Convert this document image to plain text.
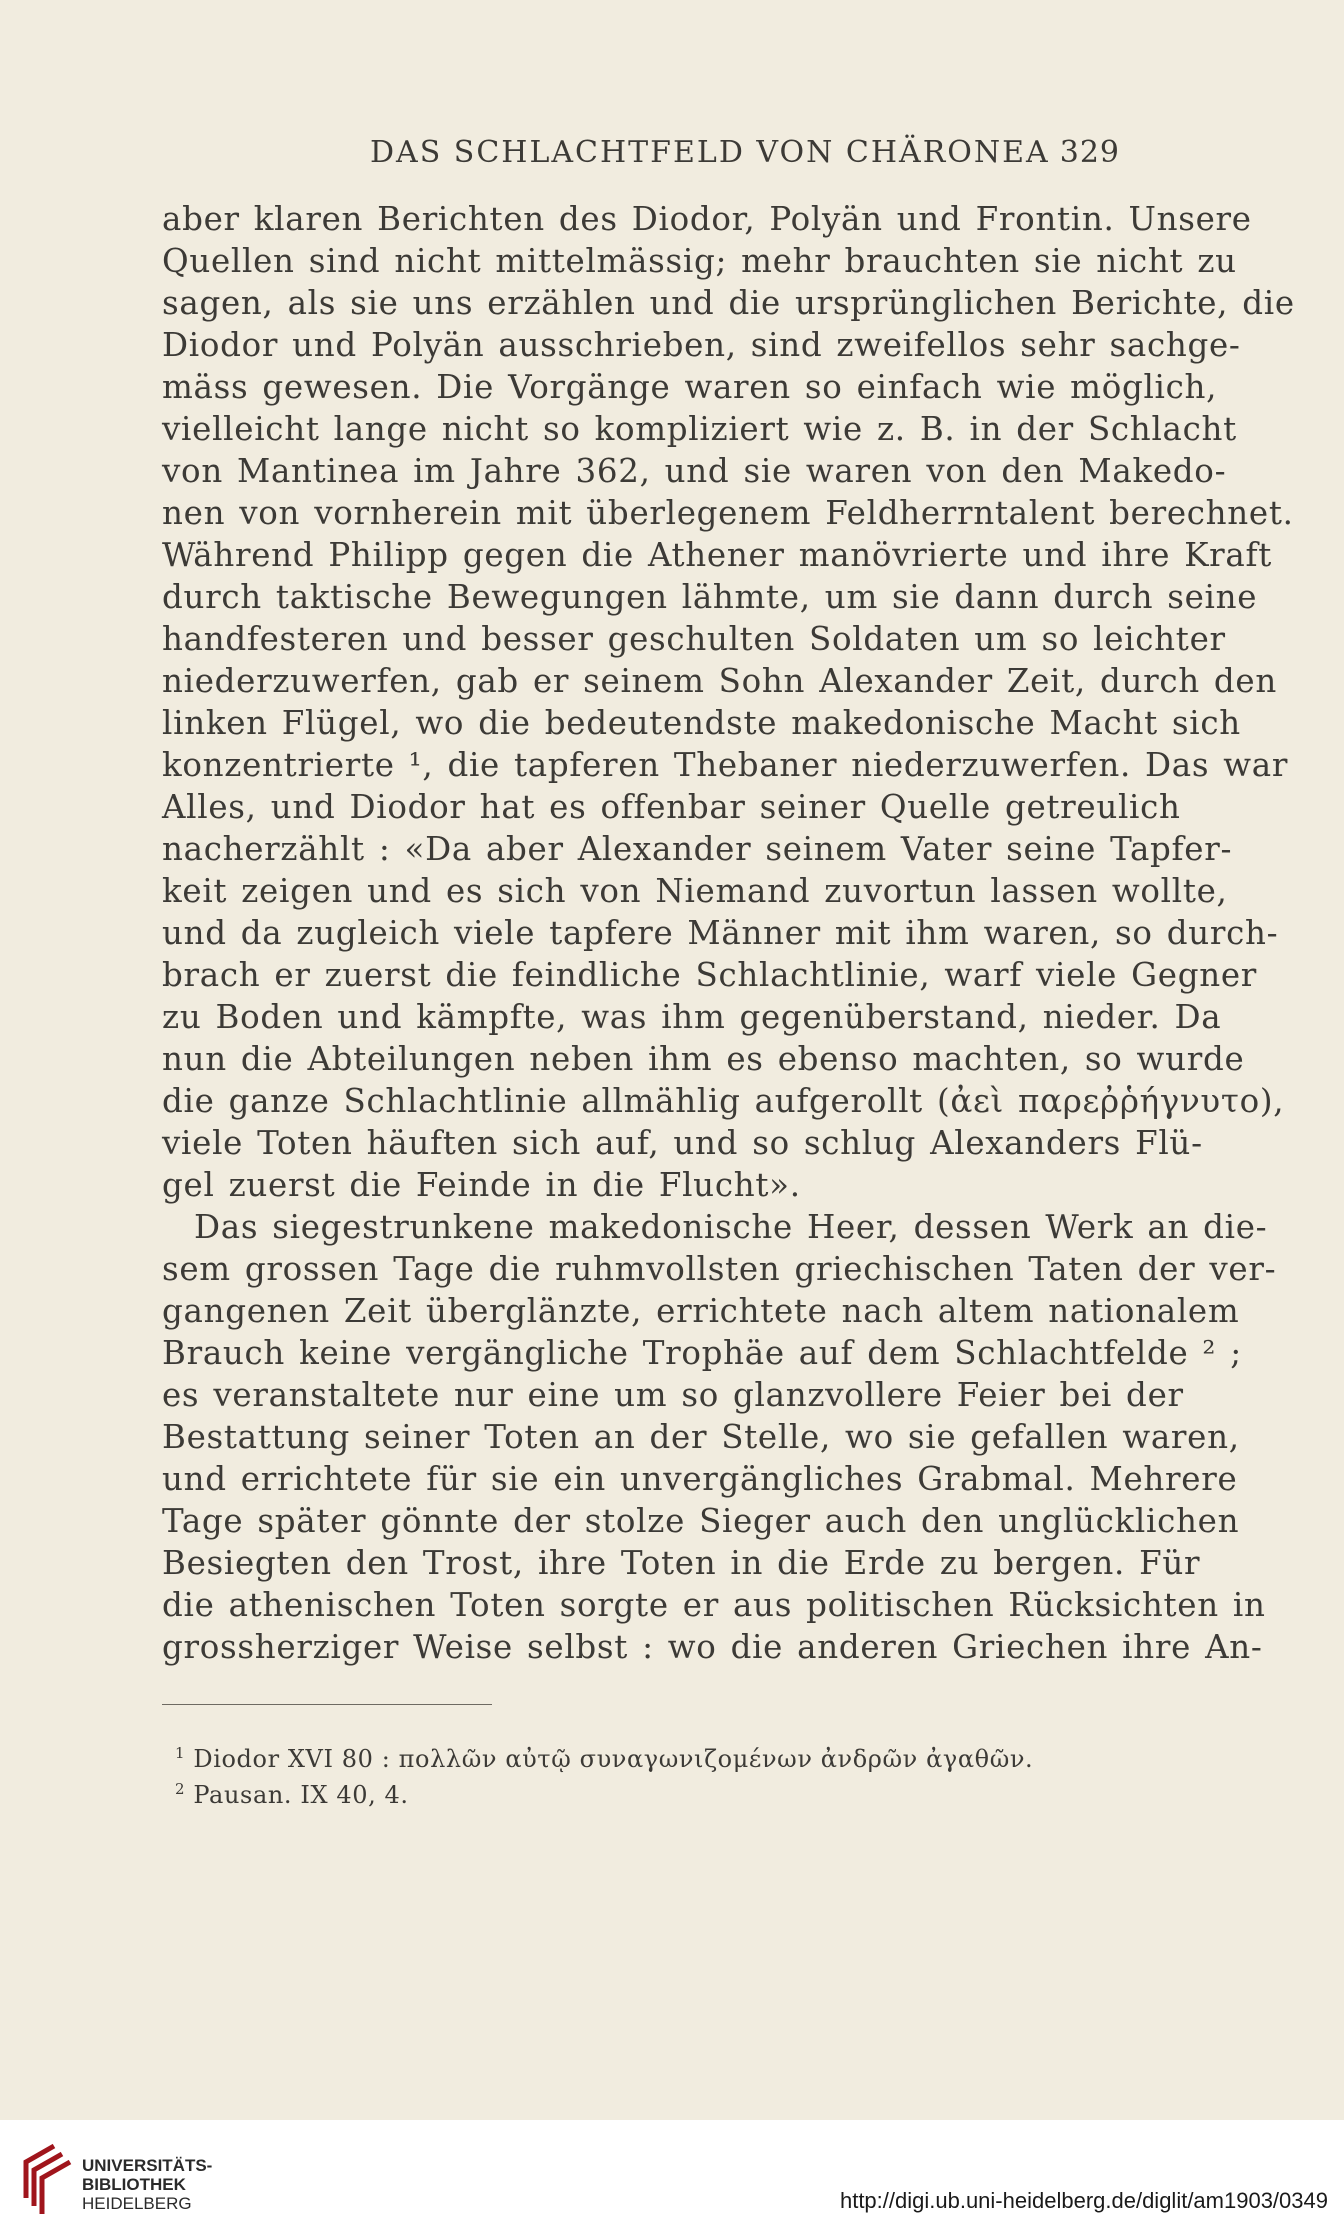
DAS SCHLACHTFELD VON CHÄRONEA 329
aber klaren Berichten des Diodor, Polyän und Frontin. Unsere
Quellen sind nicht mittelmässig; mehr brauchten sie nicht zu
sagen, als sie uns erzählen und die ursprünglichen Berichte, die
Diodor und Polyän ausschrieben, sind zweifellos sehr sachge-
mäss gewesen. Die Vorgänge waren so einfach wie möglich,
vielleicht lange nicht so kompliziert wie z. B. in der Schlacht
von Mantinea im Jahre 362, und sie waren von den Makedo-
nen von vornherein mit überlegenem Feldherrntalent berechnet.
Während Philipp gegen die Athener manövrierte und ihre Kraft
durch taktische Bewegungen lähmte, um sie dann durch seine
handfesteren und besser geschulten Soldaten um so leichter
niederzuwerfen, gab er seinem Sohn Alexander Zeit, durch den
linken Flügel, wo die bedeutendste makedonische Macht sich
konzentrierte ¹, die tapferen Thebaner niederzuwerfen. Das war
Alles, und Diodor hat es offenbar seiner Quelle getreulich
nacherzählt : «Da aber Alexander seinem Vater seine Tapfer-
keit zeigen und es sich von Niemand zuvortun lassen wollte,
und da zugleich viele tapfere Männer mit ihm waren, so durch-
brach er zuerst die feindliche Schlachtlinie, warf viele Gegner
zu Boden und kämpfte, was ihm gegenüberstand, nieder. Da
nun die Abteilungen neben ihm es ebenso machten, so wurde
die ganze Schlachtlinie allmählig aufgerollt (ἀεὶ παρεῤῥήγνυτο),
viele Toten häuften sich auf, und so schlug Alexanders Flü-
gel zuerst die Feinde in die Flucht».
Das siegestrunkene makedonische Heer, dessen Werk an die-
sem grossen Tage die ruhmvollsten griechischen Taten der ver-
gangenen Zeit überglänzte, errichtete nach altem nationalem
Brauch keine vergängliche Trophäe auf dem Schlachtfelde ² ;
es veranstaltete nur eine um so glanzvollere Feier bei der
Bestattung seiner Toten an der Stelle, wo sie gefallen waren,
und errichtete für sie ein unvergängliches Grabmal. Mehrere
Tage später gönnte der stolze Sieger auch den unglücklichen
Besiegten den Trost, ihre Toten in die Erde zu bergen. Für
die athenischen Toten sorgte er aus politischen Rücksichten in
grossherziger Weise selbst : wo die anderen Griechen ihre An-
$^1$ Diodor XVI 80 : πολλῶν αὐτῷ συναγωνιζομένων ἀνδρῶν ἀγαθῶν.
$^2$ Pausan. IX 40, 4.
UNIVERSITÄTS-
BIBLIOTHEK
HEIDELBERG	http://digi.ub.uni-heidelberg.de/diglit/am1903/0349
